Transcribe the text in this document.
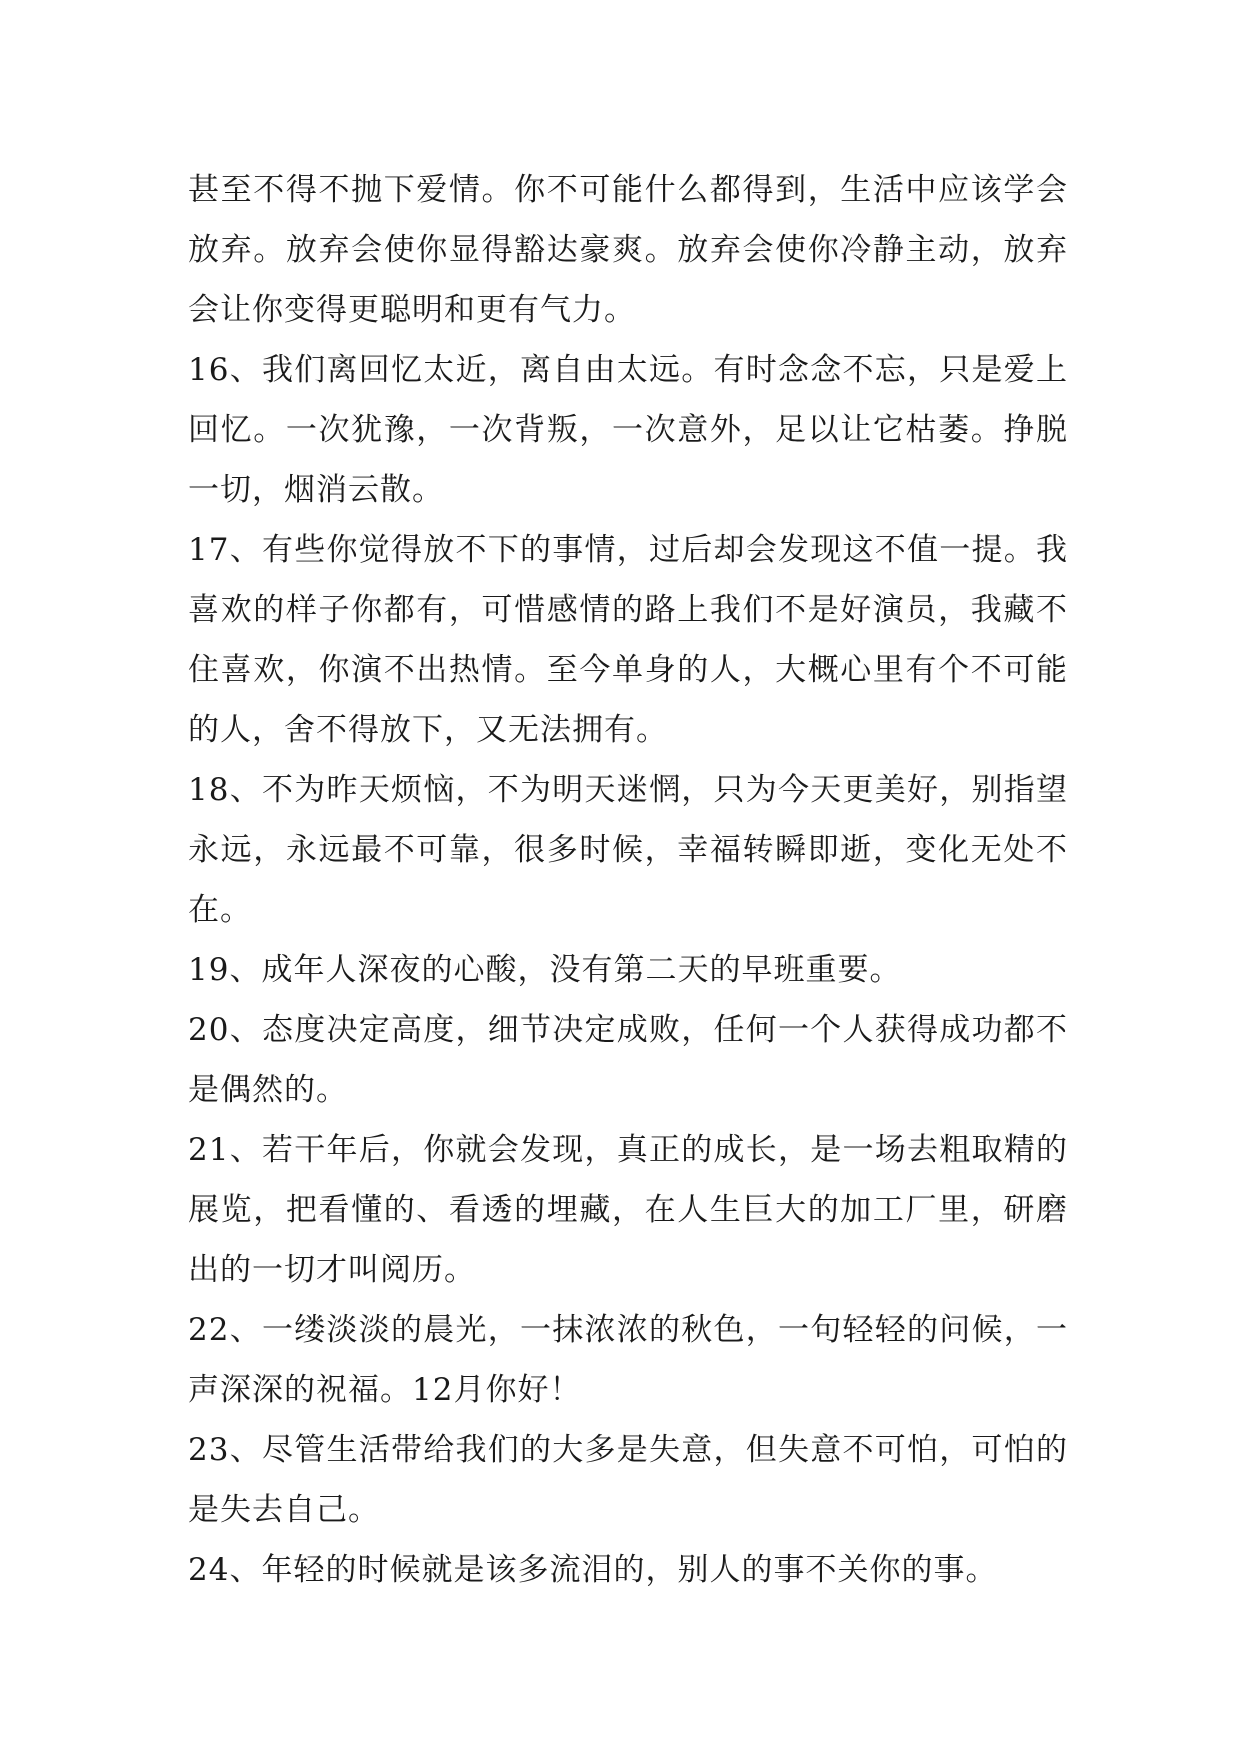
甚至不得不抛下爱情。你不可能什么都得到，生活中应该学会放弃。放弃会使你显得豁达豪爽。放弃会使你冷静主动，放弃会让你变得更聪明和更有气力。

16、我们离回忆太近，离自由太远。有时念念不忘，只是爱上回忆。一次犹豫，一次背叛，一次意外，足以让它枯萎。挣脱一切，烟消云散。

17、有些你觉得放不下的事情，过后却会发现这不值一提。我喜欢的样子你都有，可惜感情的路上我们不是好演员，我藏不住喜欢，你演不出热情。至今单身的人，大概心里有个不可能的人，舍不得放下，又无法拥有。

18、不为昨天烦恼，不为明天迷惘，只为今天更美好，别指望永远，永远最不可靠，很多时候，幸福转瞬即逝，变化无处不在。

19、成年人深夜的心酸，没有第二天的早班重要。

20、态度决定高度，细节决定成败，任何一个人获得成功都不是偶然的。

21、若干年后，你就会发现，真正的成长，是一场去粗取精的展览，把看懂的、看透的埋藏，在人生巨大的加工厂里，研磨出的一切才叫阅历。

22、一缕淡淡的晨光，一抹浓浓的秋色，一句轻轻的问候，一声深深的祝福。12月你好！

23、尽管生活带给我们的大多是失意，但失意不可怕，可怕的是失去自己。

24、年轻的时候就是该多流泪的，别人的事不关你的事。
